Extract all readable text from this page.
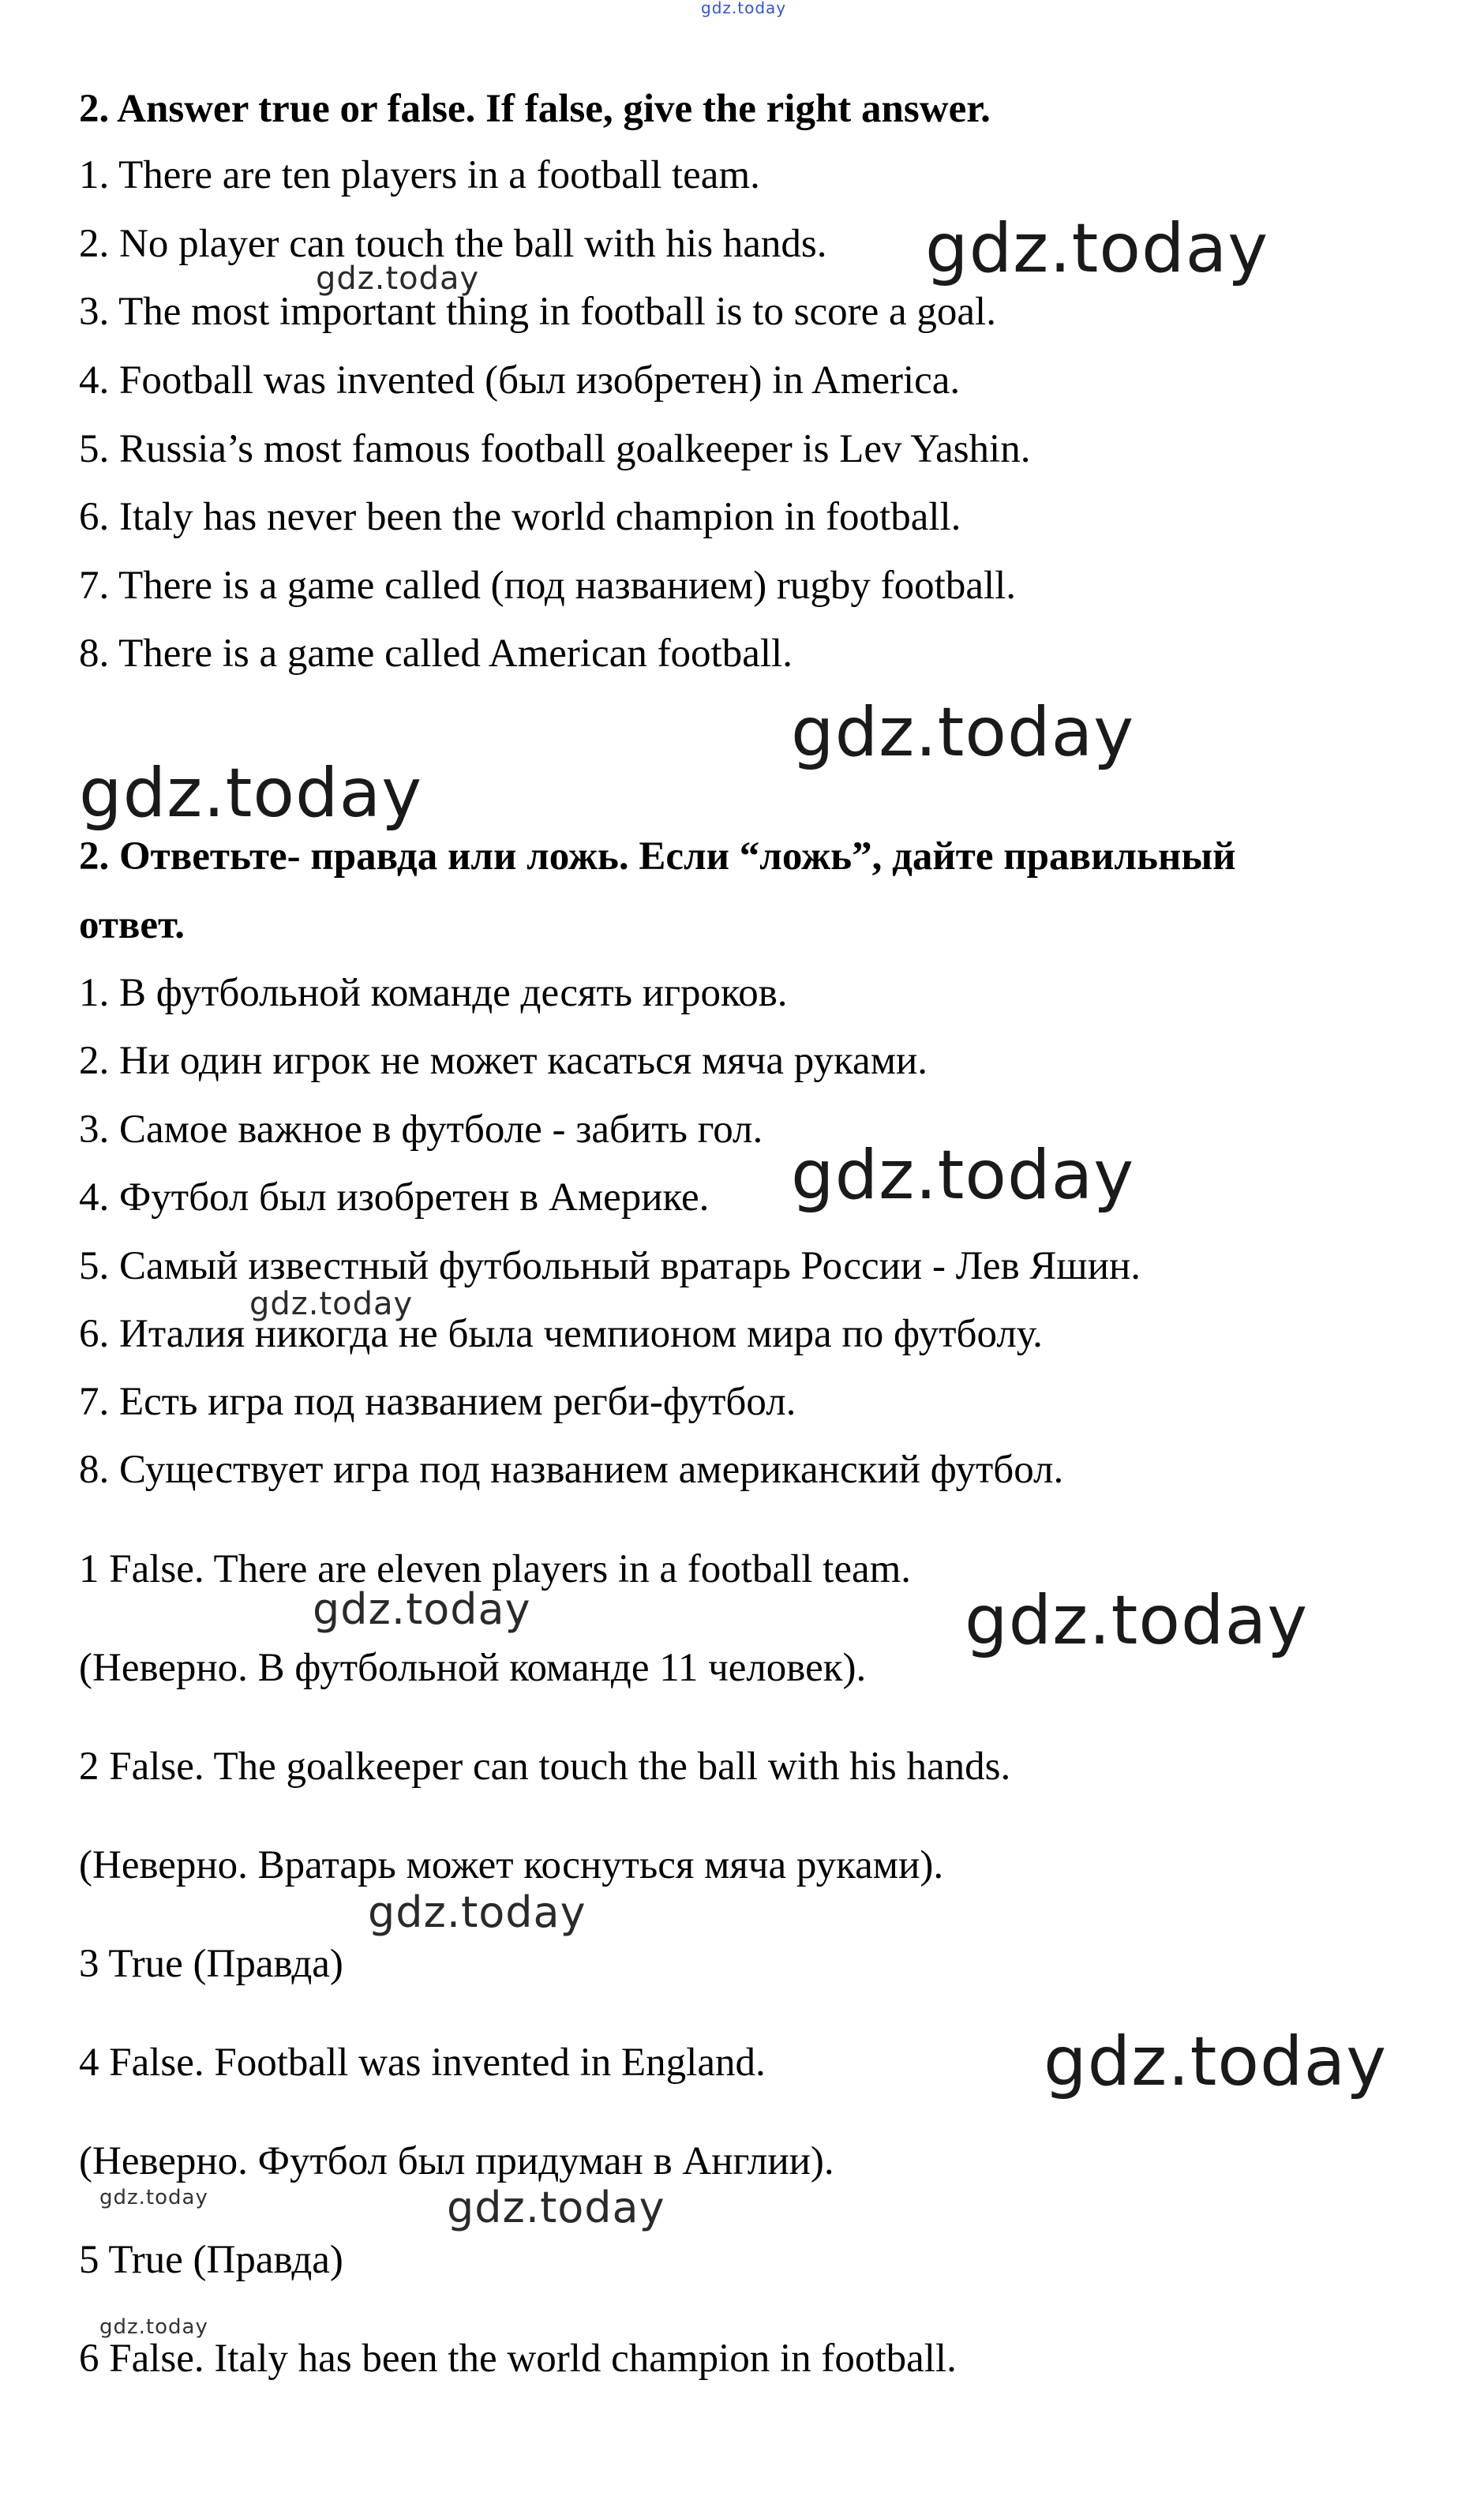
2. Answer true or false. If false, give the right answer.

1. There are ten players in a football team.

2. No player can touch the ball with his hands.

3. The most important thing in football is to score a goal.

4. Football was invented (был изобретен) in America.

5. Russia’s most famous football goalkeeper is Lev Yashin.

6. Italy has never been the world champion in football.

7. There is a game called (под названием) rugby football.

8. There is a game called American football.

2. Ответьте- правда или ложь. Если “ложь”, дайте правильный

ответ.

1. В футбольной команде десять игроков.

2. Ни один игрок не может касаться мяча руками.

3. Самое важное в футболе - забить гол.

4. Футбол был изобретен в Америке.

5. Самый известный футбольный вратарь России - Лев Яшин.

6. Италия никогда не была чемпионом мира по футболу.

7. Есть игра под названием регби-футбол.

8. Существует игра под названием американский футбол.

1 False. There are eleven players in a football team.

(Неверно. В футбольной команде 11 человек).

2 False. The goalkeeper can touch the ball with his hands.

(Неверно. Вратарь может коснуться мяча руками).

3 True (Правда)

4 False. Football was invented in England.

(Неверно. Футбол был придуман в Англии).

5 True (Правда)

6 False. Italy has been the world champion in football.

gdz.today
gdz.today
gdz.today
gdz.today
gdz.today
gdz.today
gdz.today
gdz.today	gdz.today
gdz.today
gdz.today
gdz.today	gdz.today
gdz.today
